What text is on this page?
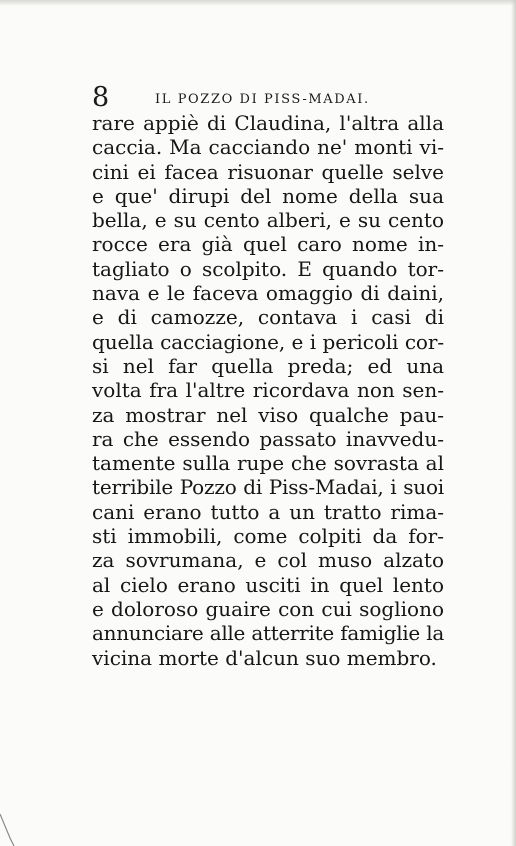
8	IL POZZO DI PISS-MADAI.
rare appiè di Claudina, l'altra alla
caccia. Ma cacciando ne' monti vi-
cini ei facea risuonar quelle selve
e que' dirupi del nome della sua
bella, e su cento alberi, e su cento
rocce era già quel caro nome in-
tagliato o scolpito. E quando tor-
nava e le faceva omaggio di daini,
e di camozze, contava i casi di
quella cacciagione, e i pericoli cor-
si nel far quella preda; ed una
volta fra l'altre ricordava non sen-
za mostrar nel viso qualche pau-
ra che essendo passato inavvedu-
tamente sulla rupe che sovrasta al
terribile Pozzo di Piss-Madai, i suoi
cani erano tutto a un tratto rima-
sti immobili, come colpiti da for-
za sovrumana, e col muso alzato
al cielo erano usciti in quel lento
e doloroso guaire con cui sogliono
annunciare alle atterrite famiglie la
vicina morte d'alcun suo membro.
